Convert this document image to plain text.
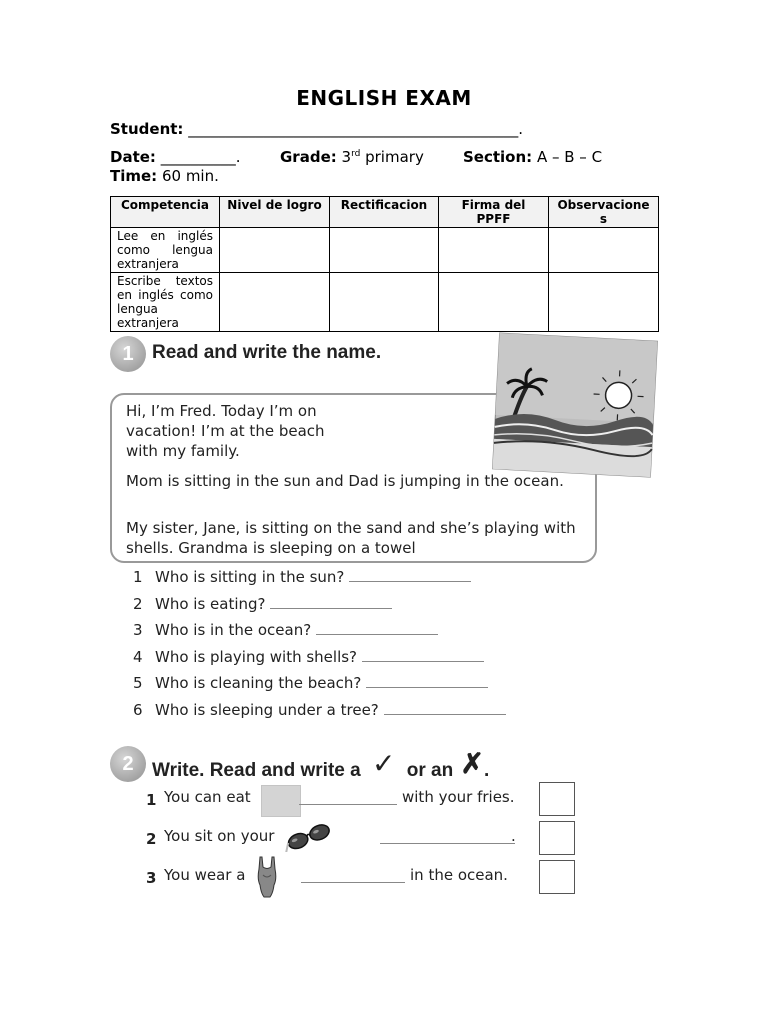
ENGLISH EXAM
Student: ____________________________________________.
Date: __________.	Grade: 3rd primary	Section: A – B – C
Time: 60 min.
Competencia	Nivel de logro	Rectificacion	Firma del PPFF	Observaciones
Lee en inglés como lengua extranjera				
Escribe textos en inglés como lengua extranjera				
1 Read and write the name.
Hi, I’m Fred. Today I’m on vacation! I’m at the beach with my family.
Mom is sitting in the sun and Dad is jumping in the ocean.
My sister, Jane, is sitting on the sand and she’s playing with shells. Grandma is sleeping on a towel
1 Who is sitting in the sun?
2 Who is eating?
3 Who is in the ocean?
4 Who is playing with shells?
5 Who is cleaning the beach?
6 Who is sleeping under a tree?
2 Write. Read and write a ✓ or an ✗.
1 You can eat	with your fries.
2 You sit on your	.
3 You wear a	in the ocean.
